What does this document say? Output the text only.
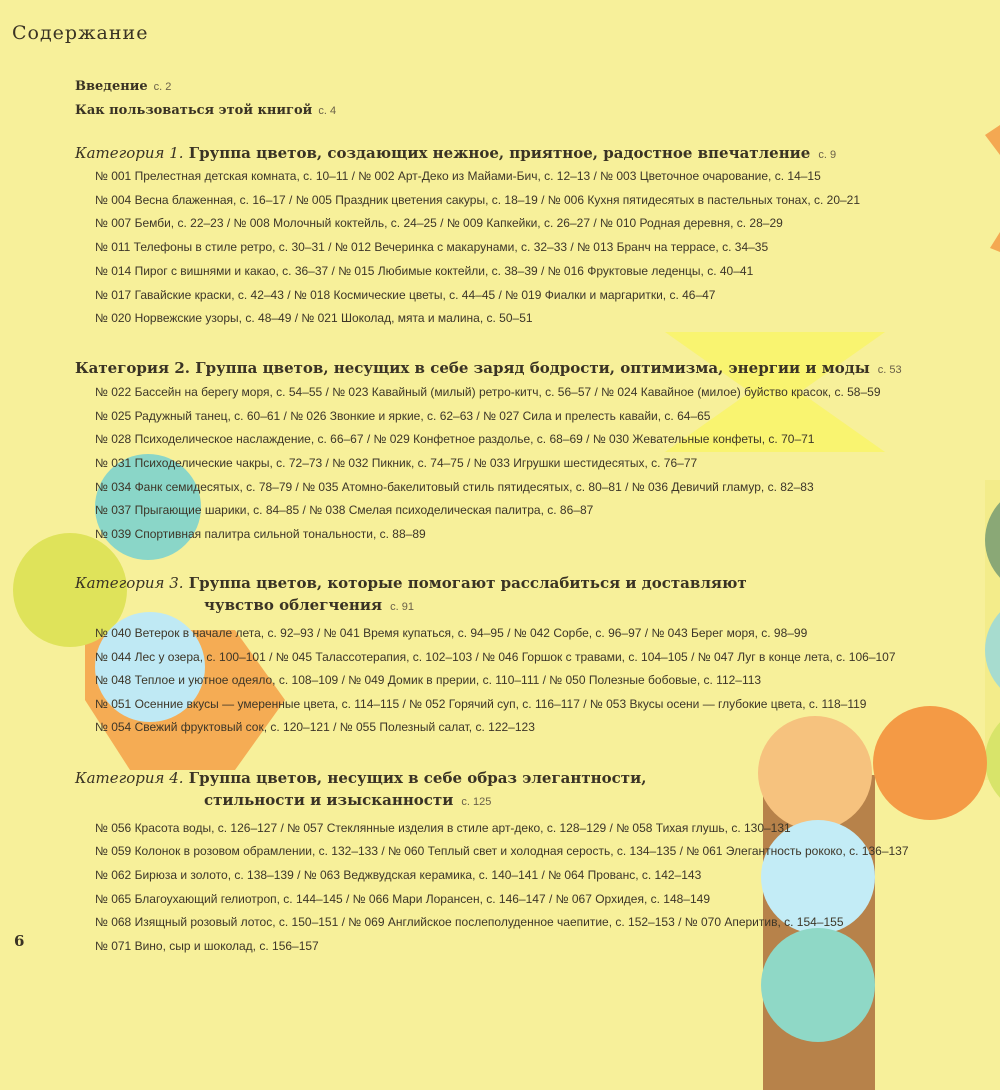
Содержание
Введение с. 2
Как пользоваться этой книгой с. 4
Категория 1. Группа цветов, создающих нежное, приятное, радостное впечатление с. 9
№ 001 Прелестная детская комната, с. 10–11 / № 002 Арт-Деко из Майами-Бич, с. 12–13 / № 003 Цветочное очарование, с. 14–15
№ 004 Весна блаженная, с. 16–17 / № 005 Праздник цветения сакуры, с. 18–19 / № 006 Кухня пятидесятых в пастельных тонах, с. 20–21
№ 007 Бемби, с. 22–23 / № 008 Молочный коктейль, с. 24–25 / № 009 Капкейки, с. 26–27 / № 010 Родная деревня, с. 28–29
№ 011 Телефоны в стиле ретро, с. 30–31 / № 012 Вечеринка с макарунами, с. 32–33 / № 013 Бранч на террасе, с. 34–35
№ 014 Пирог с вишнями и какао, с. 36–37 / № 015 Любимые коктейли, с. 38–39 / № 016 Фруктовые леденцы, с. 40–41
№ 017 Гавайские краски, с. 42–43 / № 018 Космические цветы, с. 44–45 / № 019 Фиалки и маргаритки, с. 46–47
№ 020 Норвежские узоры, с. 48–49 / № 021 Шоколад, мята и малина, с. 50–51
Категория 2. Группа цветов, несущих в себе заряд бодрости, оптимизма, энергии и моды с. 53
№ 022 Бассейн на берегу моря, с. 54–55 / № 023 Кавайный (милый) ретро-китч, с. 56–57 / № 024 Кавайное (милое) буйство красок, с. 58–59
№ 025 Радужный танец, с. 60–61 / № 026 Звонкие и яркие, с. 62–63 / № 027 Сила и прелесть кавайи, с. 64–65
№ 028 Психоделическое наслаждение, с. 66–67 / № 029 Конфетное раздолье, с. 68–69 / № 030 Жевательные конфеты, с. 70–71
№ 031 Психоделические чакры, с. 72–73 / № 032 Пикник, с. 74–75 / № 033 Игрушки шестидесятых, с. 76–77
№ 034 Фанк семидесятых, с. 78–79 / № 035 Атомно-бакелитовый стиль пятидесятых, с. 80–81 / № 036 Девичий гламур, с. 82–83
№ 037 Прыгающие шарики, с. 84–85 / № 038 Смелая психоделическая палитра, с. 86–87
№ 039 Спортивная палитра сильной тональности, с. 88–89
Категория 3. Группа цветов, которые помогают расслабиться и доставляют
чувство облегчения с. 91
№ 040 Ветерок в начале лета, с. 92–93 / № 041 Время купаться, с. 94–95 / № 042 Сорбе, с. 96–97 / № 043 Берег моря, с. 98–99
№ 044 Лес у озера, с. 100–101 / № 045 Талассотерапия, с. 102–103 / № 046 Горшок с травами, с. 104–105 / № 047 Луг в конце лета, с. 106–107
№ 048 Теплое и уютное одеяло, с. 108–109 / № 049 Домик в прерии, с. 110–111 / № 050 Полезные бобовые, с. 112–113
№ 051 Осенние вкусы — умеренные цвета, с. 114–115 / № 052 Горячий суп, с. 116–117 / № 053 Вкусы осени — глубокие цвета, с. 118–119
№ 054 Свежий фруктовый сок, с. 120–121 / № 055 Полезный салат, с. 122–123
Категория 4. Группа цветов, несущих в себе образ элегантности,
стильности и изысканности с. 125
№ 056 Красота воды, с. 126–127 / № 057 Стеклянные изделия в стиле арт-деко, с. 128–129 / № 058 Тихая глушь, с. 130–131
№ 059 Колонок в розовом обрамлении, с. 132–133 / № 060 Теплый свет и холодная серость, с. 134–135 / № 061 Элегантность рококо, с. 136–137
№ 062 Бирюза и золото, с. 138–139 / № 063 Веджвудская керамика, с. 140–141 / № 064 Прованс, с. 142–143
№ 065 Благоухающий гелиотроп, с. 144–145 / № 066 Мари Лорансен, с. 146–147 / № 067 Орхидея, с. 148–149
№ 068 Изящный розовый лотос, с. 150–151 / № 069 Английское послеполуденное чаепитие, с. 152–153 / № 070 Аперитив, с. 154–155
№ 071 Вино, сыр и шоколад, с. 156–157
6
